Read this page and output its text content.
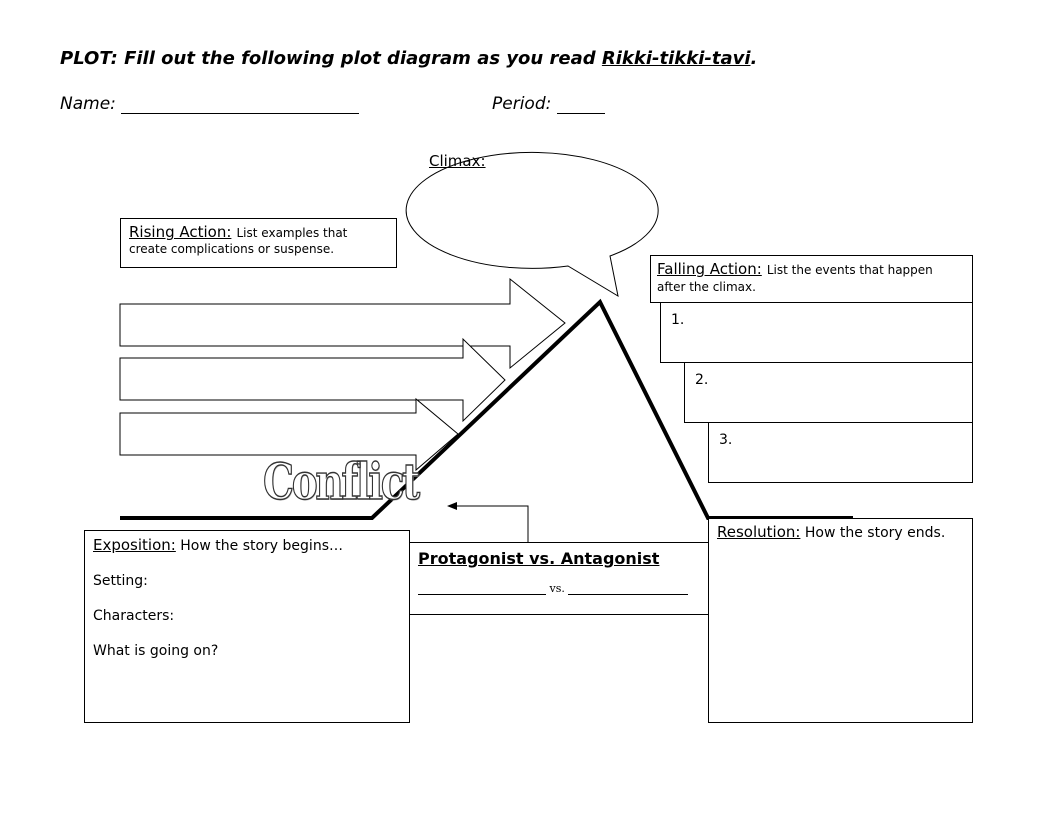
PLOT: Fill out the following plot diagram as you read Rikki-tikki-tavi.
Name:	Period:
Climax:
Rising Action: List examples that
create complications or suspense.
Falling Action: List the events that happen
after the climax.
1.
2.
3.
Conflict
Exposition: How the story begins…
Setting:
Characters:
What is going on?
Protagonist vs. Antagonist
vs.
Resolution: How the story ends.
